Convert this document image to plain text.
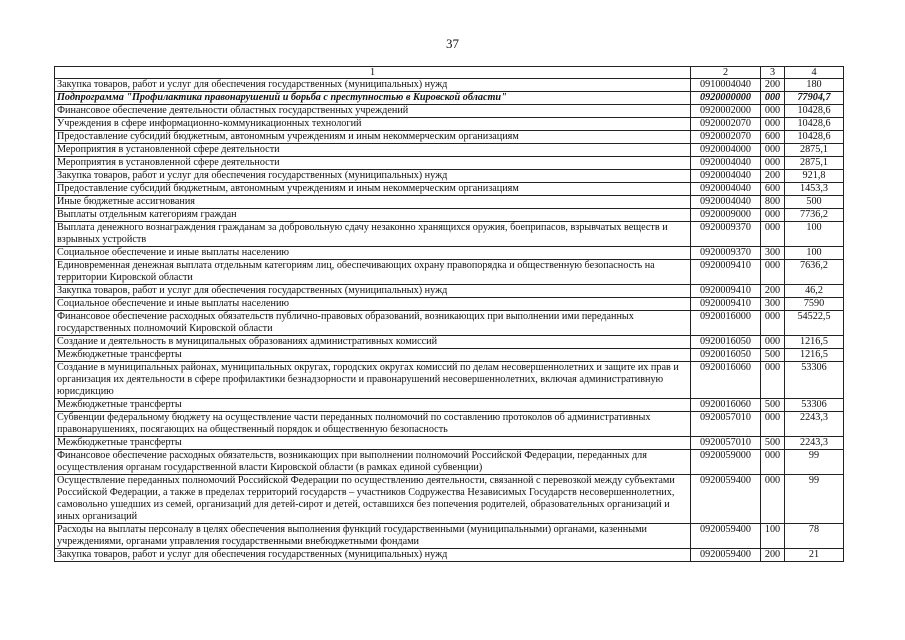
37
1	2	3	4
Закупка товаров, работ и услуг для обеспечения государственных (муниципальных) нужд	0910004040	200	180
Подпрограмма "Профилактика правонарушений и борьба с преступностью в Кировской области"	0920000000	000	77904,7
Финансовое обеспечение деятельности областных государственных учреждений	0920002000	000	10428,6
Учреждения в сфере информационно-коммуникационных технологий	0920002070	000	10428,6
Предоставление субсидий бюджетным, автономным учреждениям и иным некоммерческим организациям	0920002070	600	10428,6
Мероприятия в установленной сфере деятельности	0920004000	000	2875,1
Мероприятия в установленной сфере деятельности	0920004040	000	2875,1
Закупка товаров, работ и услуг для обеспечения государственных (муниципальных) нужд	0920004040	200	921,8
Предоставление субсидий бюджетным, автономным учреждениям и иным некоммерческим организациям	0920004040	600	1453,3
Иные бюджетные ассигнования	0920004040	800	500
Выплаты отдельным категориям граждан	0920009000	000	7736,2
Выплата денежного вознаграждения гражданам за добровольную сдачу незаконно хранящихся оружия, боеприпасов, взрывчатых веществ и взрывных устройств	0920009370	000	100
Социальное обеспечение и иные выплаты населению	0920009370	300	100
Единовременная денежная выплата отдельным категориям лиц, обеспечивающих охрану правопорядка и общественную безопасность на территории Кировской области	0920009410	000	7636,2
Закупка товаров, работ и услуг для обеспечения государственных (муниципальных) нужд	0920009410	200	46,2
Социальное обеспечение и иные выплаты населению	0920009410	300	7590
Финансовое обеспечение расходных обязательств публично-правовых образований, возникающих при выполнении ими переданных государственных полномочий Кировской области	0920016000	000	54522,5
Создание и деятельность в муниципальных образованиях административных комиссий	0920016050	000	1216,5
Межбюджетные трансферты	0920016050	500	1216,5
Создание в муниципальных районах, муниципальных округах, городских округах комиссий по делам несовершеннолетних и защите их прав и организация их деятельности в сфере профилактики безнадзорности и правонарушений несовершеннолетних, включая административную юрисдикцию	0920016060	000	53306
Межбюджетные трансферты	0920016060	500	53306
Субвенции федеральному бюджету на осуществление части переданных полномочий по составлению протоколов об административных правонарушениях, посягающих на общественный порядок и общественную безопасность	0920057010	000	2243,3
Межбюджетные трансферты	0920057010	500	2243,3
Финансовое обеспечение расходных обязательств, возникающих при выполнении полномочий Российской Федерации, переданных для осуществления органам государственной власти Кировской области (в рамках единой субвенции)	0920059000	000	99
Осуществление переданных полномочий Российской Федерации по осуществлению деятельности, связанной с перевозкой между субъектами Российской Федерации, а также в пределах территорий государств – участников Содружества Независимых Государств несовершеннолетних, самовольно ушедших из семей, организаций для детей-сирот и детей, оставшихся без попечения родителей, образовательных организаций и иных организаций	0920059400	000	99
Расходы на выплаты персоналу в целях обеспечения выполнения функций государственными (муниципальными) органами, казенными учреждениями, органами управления государственными внебюджетными фондами	0920059400	100	78
Закупка товаров, работ и услуг для обеспечения государственных (муниципальных) нужд	0920059400	200	21
